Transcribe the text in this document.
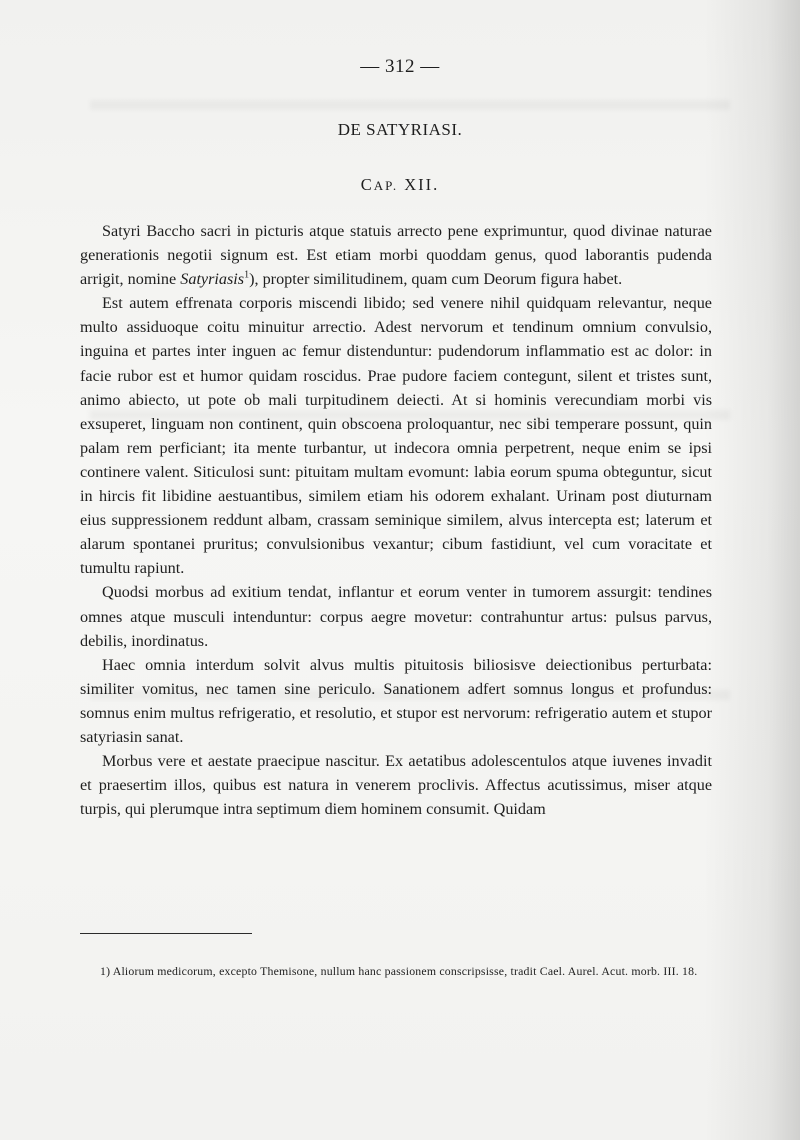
— 312 —
DE SATYRIASI.
CAP. XII.

Satyri Baccho sacri in picturis atque statuis arrecto pene exprimuntur, quod divinae naturae generationis negotii signum est. Est etiam morbi quoddam genus, quod laborantis pudenda arrigit, nomine Satyriasis$^1$), propter similitudinem, quam cum Deorum figura habet.

Est autem effrenata corporis miscendi libido; sed venere nihil quidquam relevantur, neque multo assiduoque coitu minuitur arrectio. Adest nervorum et tendinum omnium convulsio, inguina et partes inter inguen ac femur distenduntur: pudendorum inflammatio est ac dolor: in facie rubor est et humor quidam roscidus. Prae pudore faciem contegunt, silent et tristes sunt, animo abiecto, ut pote ob mali turpitudinem deiecti. At si hominis verecundiam morbi vis exsuperet, linguam non continent, quin obscoena proloquantur, nec sibi temperare possunt, quin palam rem perficiant; ita mente turbantur, ut indecora omnia perpetrent, neque enim se ipsi continere valent. Siticulosi sunt: pituitam multam evomunt: labia eorum spuma obteguntur, sicut in hircis fit libidine aestuantibus, similem etiam his odorem exhalant. Urinam post diuturnam eius suppressionem reddunt albam, crassam seminique similem, alvus intercepta est; laterum et alarum spontanei pruritus; convulsionibus vexantur; cibum fastidiunt, vel cum voracitate et tumultu rapiunt.

Quodsi morbus ad exitium tendat, inflantur et eorum venter in tumorem assurgit: tendines omnes atque musculi intenduntur: corpus aegre movetur: contrahuntur artus: pulsus parvus, debilis, inordinatus.

Haec omnia interdum solvit alvus multis pituitosis biliosisve deiectionibus perturbata: similiter vomitus, nec tamen sine periculo. Sanationem adfert somnus longus et profundus: somnus enim multus refrigeratio, et resolutio, et stupor est nervorum: refrigeratio autem et stupor satyriasin sanat.

Morbus vere et aestate praecipue nascitur. Ex aetatibus adolescentulos atque iuvenes invadit et praesertim illos, quibus est natura in venerem proclivis. Affectus acutissimus, miser atque turpis, qui plerumque intra septimum diem hominem consumit. Quidam

1) Aliorum medicorum, excepto Themisone, nullum hanc passionem conscripsisse, tradit Cael. Aurel. Acut. morb. III. 18.
